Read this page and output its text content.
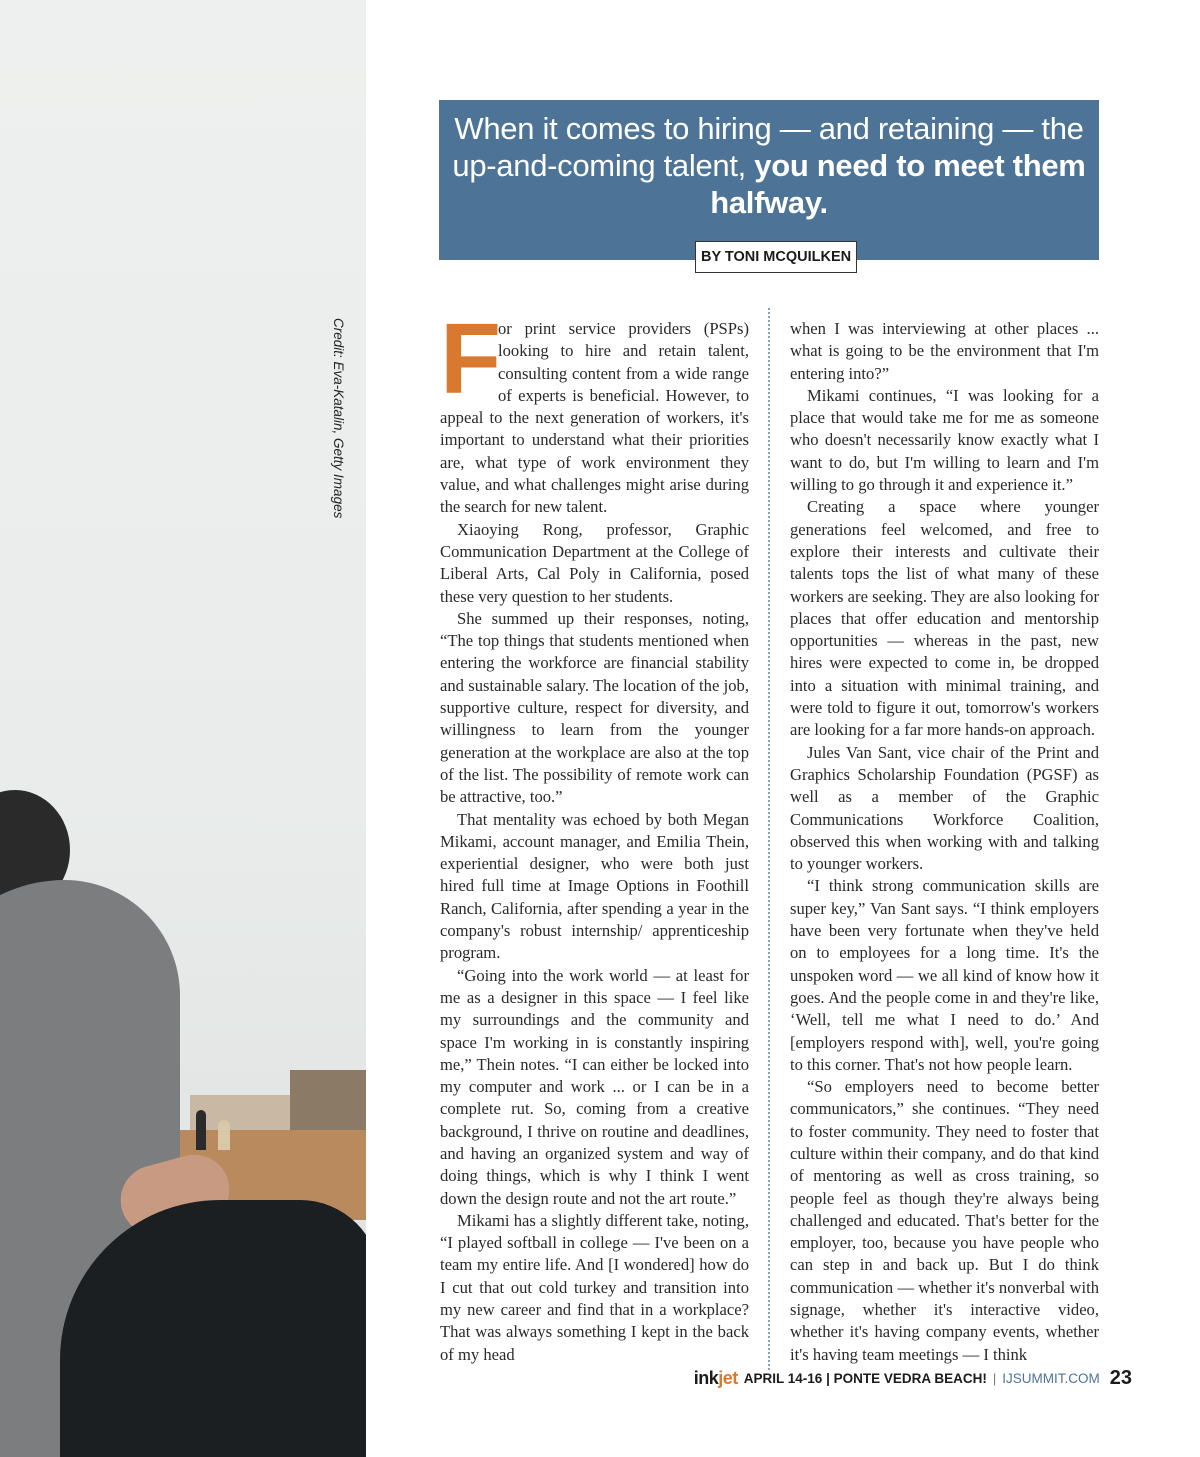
Credit: Eva-Katalin, Getty Images
When it comes to hiring — and retaining — the up-and-coming talent, you need to meet them halfway.
BY TONI MCQUILKEN

F
or print service providers (PSPs) looking to hire and retain talent, consulting content from a wide range of experts is beneficial. However, to appeal to the next generation of workers, it's important to understand what their priorities are, what type of work environment they value, and what challenges might arise during the search for new talent.

Xiaoying Rong, professor, Graphic Communication Department at the College of Liberal Arts, Cal Poly in California, posed these very question to her students.

She summed up their responses, noting, “The top things that students mentioned when entering the workforce are financial stability and sustainable salary. The location of the job, supportive culture, respect for diversity, and willingness to learn from the younger generation at the workplace are also at the top of the list. The possibility of remote work can be attractive, too.”

That mentality was echoed by both Megan Mikami, account manager, and Emilia Thein, experiential designer, who were both just hired full time at Image Options in Foothill Ranch, California, after spending a year in the company's robust internship/ apprenticeship program.

“Going into the work world — at least for me as a designer in this space — I feel like my surroundings and the community and space I'm working in is constantly inspiring me,” Thein notes. “I can either be locked into my computer and work ... or I can be in a complete rut. So, coming from a creative background, I thrive on routine and deadlines, and having an organized system and way of doing things, which is why I think I went down the design route and not the art route.”

Mikami has a slightly different take, noting, “I played softball in college — I've been on a team my entire life. And [I wondered] how do I cut that out cold turkey and transition into my new career and find that in a workplace? That was always something I kept in the back of my head

when I was interviewing at other places ... what is going to be the environment that I'm entering into?”

Mikami continues, “I was looking for a place that would take me for me as someone who doesn't necessarily know exactly what I want to do, but I'm willing to learn and I'm willing to go through it and experience it.”

Creating a space where younger generations feel welcomed, and free to explore their interests and cultivate their talents tops the list of what many of these workers are seeking. They are also looking for places that offer education and mentorship opportunities — whereas in the past, new hires were expected to come in, be dropped into a situation with minimal training, and were told to figure it out, tomorrow's workers are looking for a far more hands-on approach.

Jules Van Sant, vice chair of the Print and Graphics Scholarship Foundation (PGSF) as well as a member of the Graphic Communications Workforce Coalition, observed this when working with and talking to younger workers.

“I think strong communication skills are super key,” Van Sant says. “I think employers have been very fortunate when they've held on to employees for a long time. It's the unspoken word — we all kind of know how it goes. And the people come in and they're like, ‘Well, tell me what I need to do.’ And [employers respond with], well, you're going to this corner. That's not how people learn.

“So employers need to become better communicators,” she continues. “They need to foster community. They need to foster that culture within their company, and do that kind of mentoring as well as cross training, so people feel as though they're always being challenged and educated. That's better for the employer, too, because you have people who can step in and back up. But I do think communication — whether it's nonverbal with signage, whether it's interactive video, whether it's having company events, whether it's having team meetings — I think

inkjet APRIL 14-16 | PONTE VEDRA BEACH! | IJSUMMIT.COM 23
